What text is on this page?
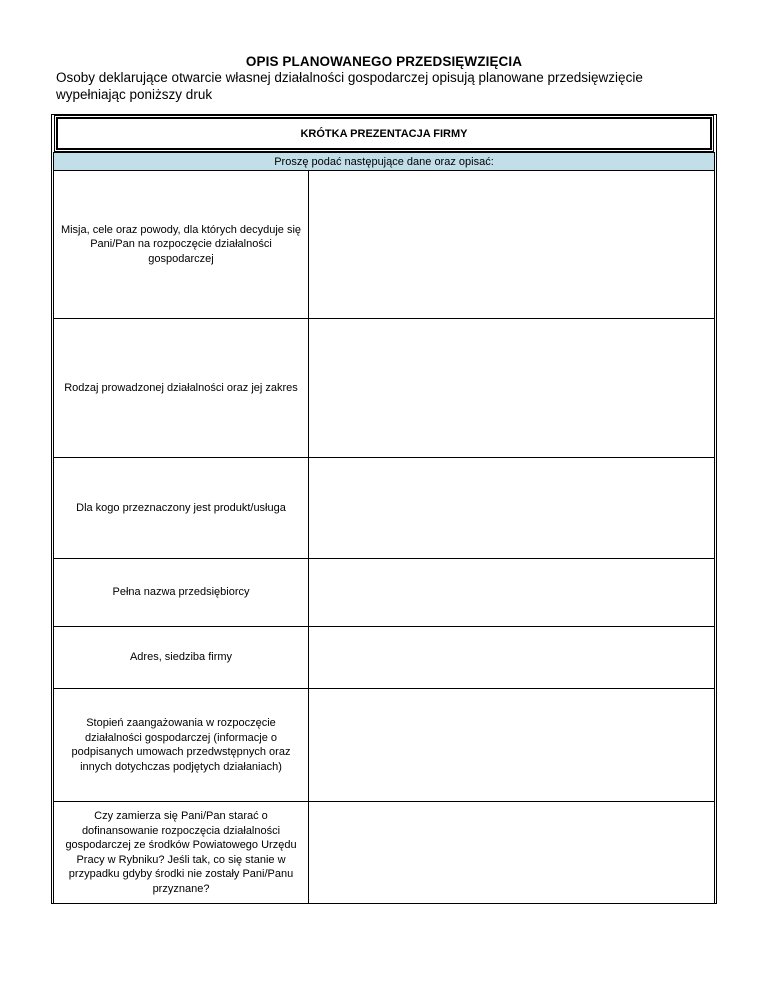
OPIS PLANOWANEGO PRZEDSIĘWZIĘCIA
Osoby deklarujące otwarcie własnej działalności gospodarczej opisują planowane przedsięwzięcie wypełniając poniższy druk
KRÓTKA PREZENTACJA FIRMY
Proszę podać następujące dane oraz opisać:
Misja, cele oraz powody, dla których decyduje się Pani/Pan na rozpoczęcie działalności gospodarczej	

Rodzaj prowadzonej działalności oraz jej zakres	

Dla kogo przeznaczony jest produkt/usługa	

Pełna nazwa przedsiębiorcy	

Adres, siedziba firmy	

Stopień zaangażowania w rozpoczęcie działalności gospodarczej (informacje o podpisanych umowach przedwstępnych oraz innych dotychczas podjętych działaniach)	

Czy zamierza się Pani/Pan starać o dofinansowanie rozpoczęcia działalności gospodarczej ze środków Powiatowego Urzędu Pracy w Rybniku? Jeśli tak, co się stanie w przypadku gdyby środki nie zostały Pani/Panu przyznane?	
